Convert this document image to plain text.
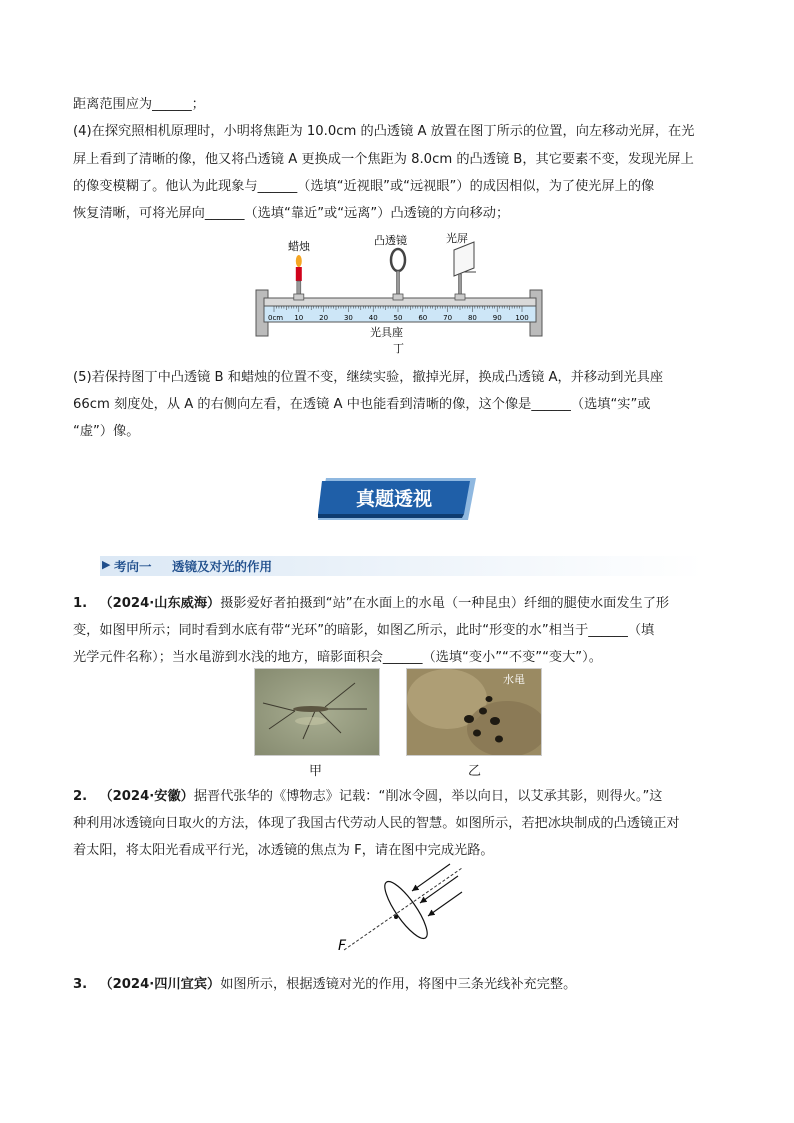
距离范围应为______；
(4)在探究照相机原理时，小明将焦距为 10.0cm 的凸透镜 A 放置在图丁所示的位置，向左移动光屏，在光
屏上看到了清晰的像，他又将凸透镜 A 更换成一个焦距为 8.0cm 的凸透镜 B，其它要素不变，发现光屏上
的像变模糊了。他认为此现象与______（选填“近视眼”或“远视眼”）的成因相似，为了使光屏上的像
恢复清晰，可将光屏向______（选填“靠近”或“远离”）凸透镜的方向移动；
蜡烛	凸透镜	光屏
0cm 10 20 30 40 50 60 70 80 90 100
光具座
丁
(5)若保持图丁中凸透镜 B 和蜡烛的位置不变，继续实验，撤掉光屏，换成凸透镜 A，并移动到光具座
66cm 刻度处，从 A 的右侧向左看，在透镜 A 中也能看到清晰的像，这个像是______（选填“实”或
“虚”）像。
真题透视
▶ 考向一 透镜及对光的作用
1. （2024·山东威海）摄影爱好者拍摄到“站”在水面上的水黾（一种昆虫）纤细的腿使水面发生了形
变，如图甲所示；同时看到水底有带“光环”的暗影，如图乙所示，此时“形变的水”相当于______（填
光学元件名称）；当水黾游到水浅的地方，暗影面积会______（选填“变小”“不变”“变大”）。
水黾
甲	乙
2. （2024·安徽）据晋代张华的《博物志》记载：“削冰令圆，举以向日，以艾承其影，则得火。”这
种利用冰透镜向日取火的方法，体现了我国古代劳动人民的智慧。如图所示，若把冰块制成的凸透镜正对
着太阳，将太阳光看成平行光，冰透镜的焦点为 F，请在图中完成光路。
F
3. （2024·四川宜宾）如图所示，根据透镜对光的作用，将图中三条光线补充完整。
